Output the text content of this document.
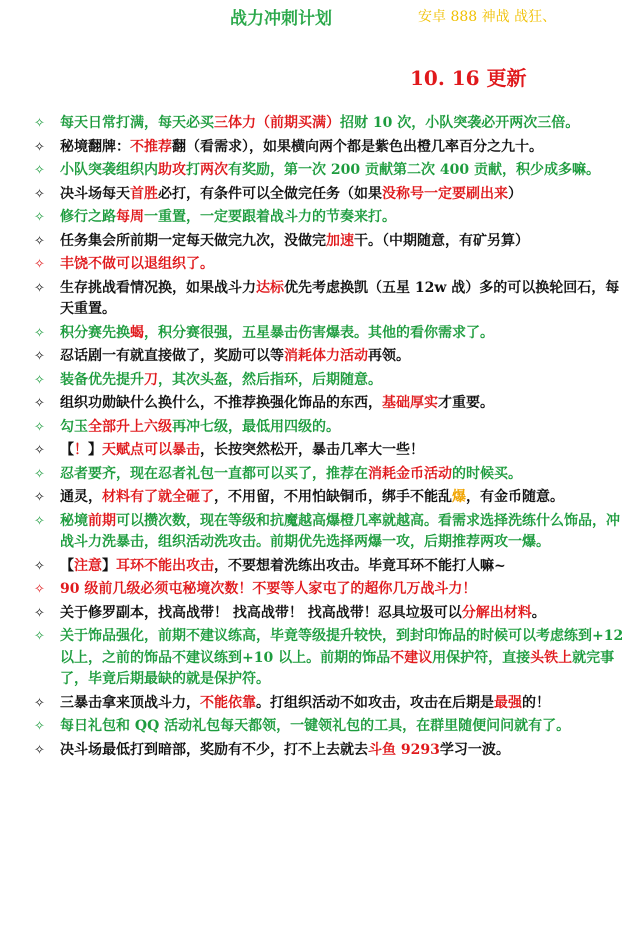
战力冲刺计划	安卓 888 神战 战狂、
10. 16 更新
✧ 每天日常打满，每天必买三体力（前期买满）招财 10 次，小队突袭必开两次三倍。
✧ 秘境翻牌：不推荐翻（看需求），如果横向两个都是紫色出橙几率百分之九十。
✧ 小队突袭组织内助攻打两次有奖励，第一次 200 贡献第二次 400 贡献，积少成多嘛。
✧ 决斗场每天首胜必打，有条件可以全做完任务（如果没称号一定要刷出来）
✧ 修行之路每周一重置，一定要跟着战斗力的节奏来打。
✧ 任务集会所前期一定每天做完九次，没做完加速干。（中期随意，有矿另算）
✧ 丰饶不做可以退组织了。
✧ 生存挑战看情况换，如果战斗力达标优先考虑换凯（五星 12w 战）多的可以换轮回石，每天重置。
✧ 积分赛先换蝎，积分赛很强，五星暴击伤害爆表。其他的看你需求了。
✧ 忍话剧一有就直接做了，奖励可以等消耗体力活动再领。
✧ 装备优先提升刀，其次头盔，然后指环，后期随意。
✧ 组织功勋缺什么换什么，不推荐换强化饰品的东西，基础厚实才重要。
✧ 勾玉全部升上六级再冲七级，最低用四级的。
✧ 【！】天赋点可以暴击，长按突然松开，暴击几率大一些！
✧ 忍者要齐，现在忍者礼包一直都可以买了，推荐在消耗金币活动的时候买。
✧ 通灵，材料有了就全砸了，不用留，不用怕缺铜币，绑手不能乱爆，有金币随意。
✧ 秘境前期可以攒次数，现在等级和抗魔越高爆橙几率就越高。看需求选择洗练什么饰品，冲战斗力洗暴击，组织活动洗攻击。前期优先选择两爆一攻，后期推荐两攻一爆。
✧ 【注意】耳环不能出攻击，不要想着洗练出攻击。毕竟耳环不能打人嘛~
✧ 90 级前几级必须屯秘境次数！不要等人家屯了的超你几万战斗力！
✧ 关于修罗副本，找高战带！ 找高战带！ 找高战带！忍具垃圾可以分解出材料。
✧ 关于饰品强化，前期不建议练高，毕竟等级提升较快，到封印饰品的时候可以考虑练到+12 以上，之前的饰品不建议练到+10 以上。前期的饰品不建议用保护符，直接头铁上就完事了，毕竟后期最缺的就是保护符。
✧ 三暴击拿来顶战斗力，不能依靠。打组织活动不如攻击，攻击在后期是最强的！
✧ 每日礼包和 QQ 活动礼包每天都领，一键领礼包的工具，在群里随便问问就有了。
✧ 决斗场最低打到暗部，奖励有不少，打不上去就去斗鱼 9293学习一波。
